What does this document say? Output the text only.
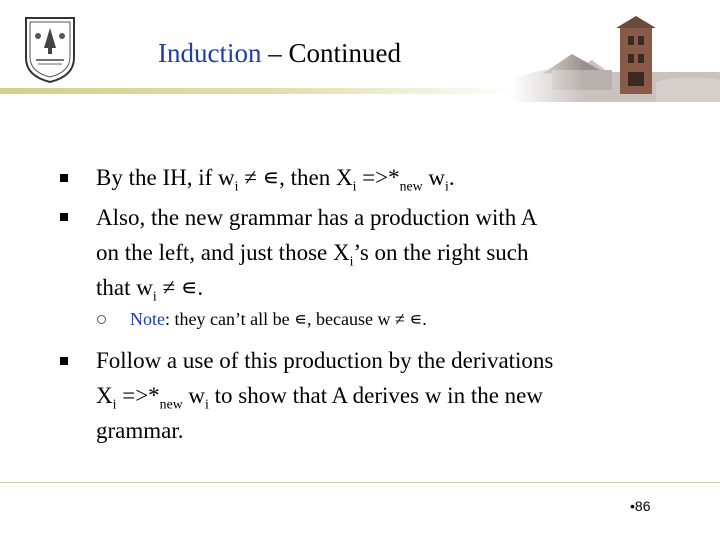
Induction – Continued
By the IH, if $w_i$ ≠ ∊, then $X_i =>*_{new}$ $w_i$.
Also, the new grammar has a production with A
on the left, and just those $X_i’s$ on the right such
that $w_i$ ≠ ∊.
Note: they can’t all be ∊, because w ≠ ∊.
Follow a use of this production by the derivations
$X_i =>*_{new}$ $w_i$ to show that A derives w in the new
grammar.
•86
